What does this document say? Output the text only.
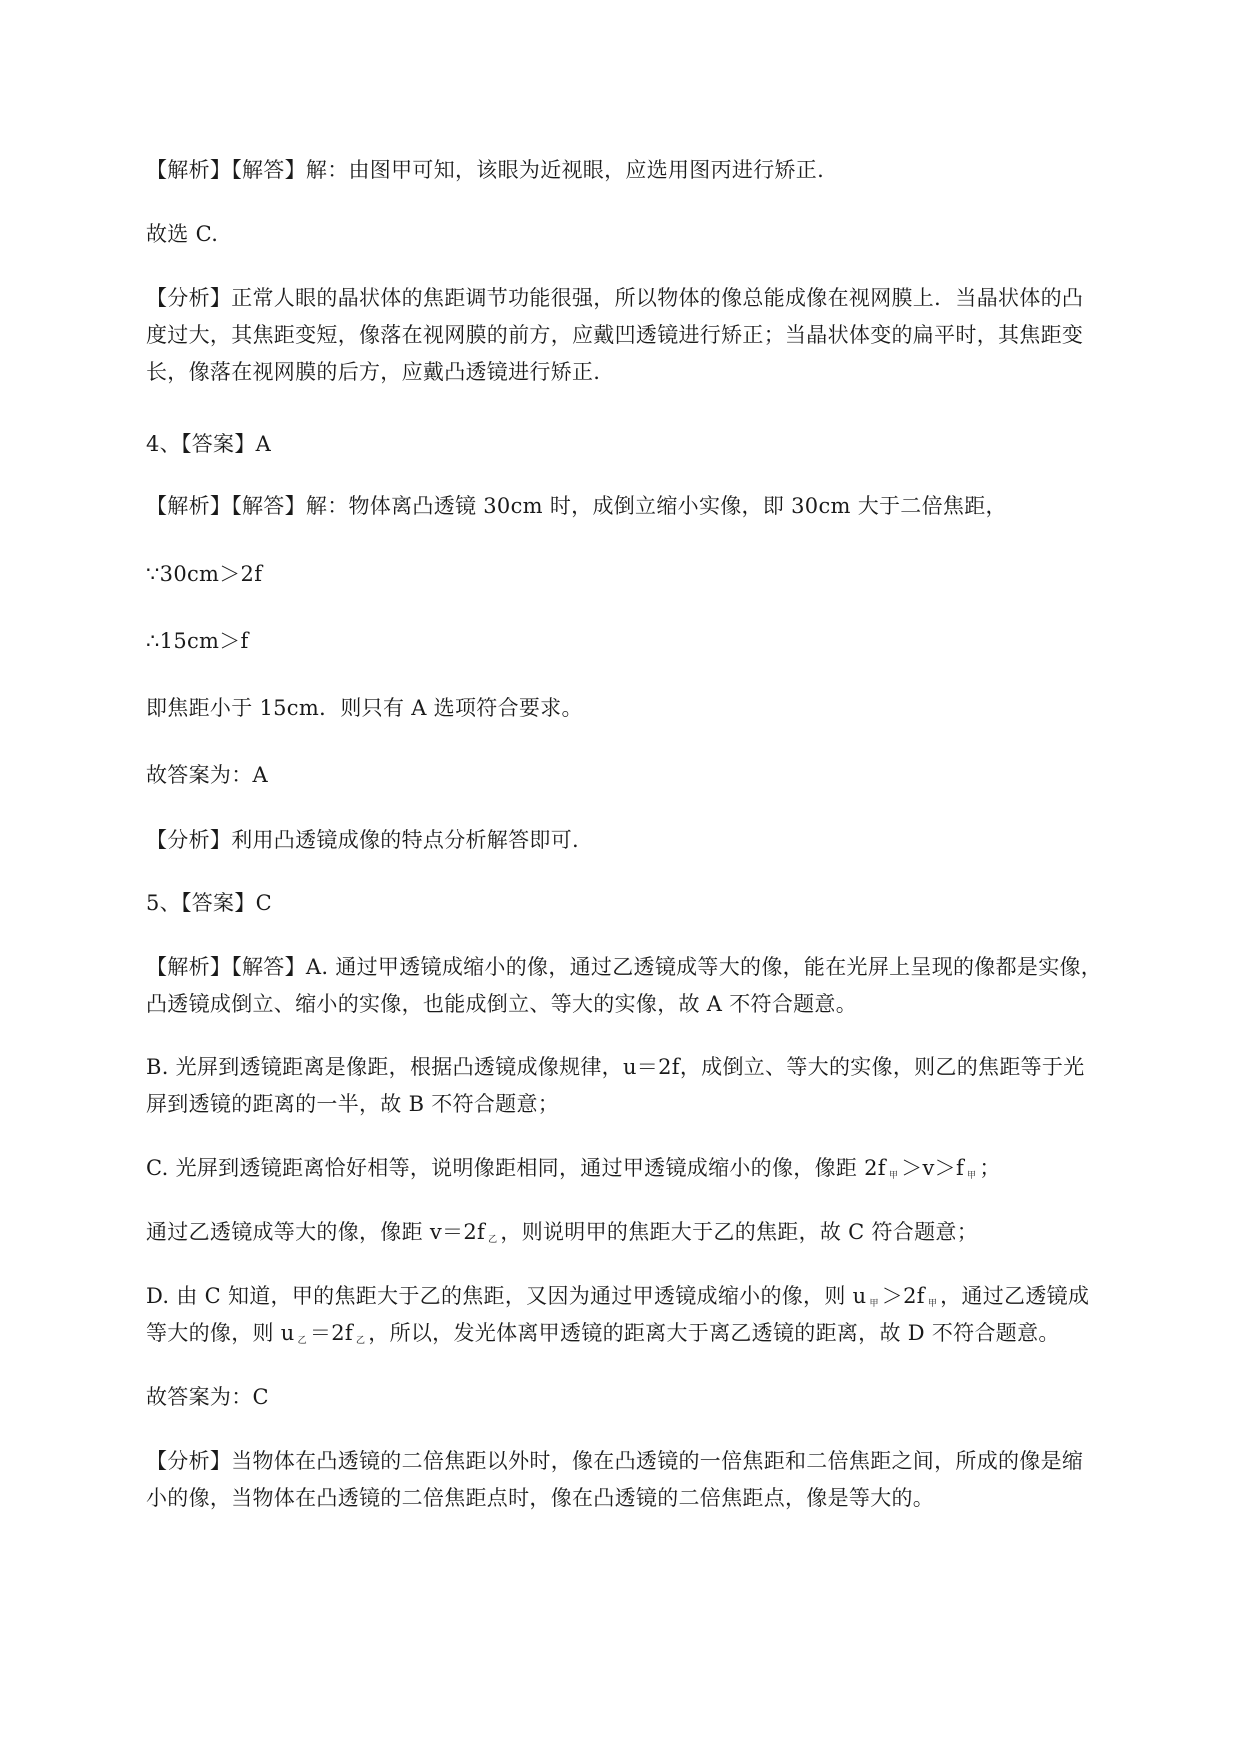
【解析】【解答】解：由图甲可知，该眼为近视眼，应选用图丙进行矫正.
故选 C.
【分析】正常人眼的晶状体的焦距调节功能很强，所以物体的像总能成像在视网膜上．当晶状体的凸
度过大，其焦距变短，像落在视网膜的前方，应戴凹透镜进行矫正；当晶状体变的扁平时，其焦距变
长，像落在视网膜的后方，应戴凸透镜进行矫正.
4、【答案】A
【解析】【解答】解：物体离凸透镜 30cm 时，成倒立缩小实像，即 30cm 大于二倍焦距，
∵30cm＞2f
∴15cm＞f
即焦距小于 15cm．则只有 A 选项符合要求。
故答案为：A
【分析】利用凸透镜成像的特点分析解答即可.
5、【答案】C
【解析】【解答】A. 通过甲透镜成缩小的像，通过乙透镜成等大的像，能在光屏上呈现的像都是实像，
凸透镜成倒立、缩小的实像，也能成倒立、等大的实像，故 A 不符合题意。
B. 光屏到透镜距离是像距，根据凸透镜成像规律，u＝2f，成倒立、等大的实像，则乙的焦距等于光
屏到透镜的距离的一半，故 B 不符合题意；
C. 光屏到透镜距离恰好相等，说明像距相同，通过甲透镜成缩小的像，像距 2f $_甲$ ＞v＞f $_甲$ ；
通过乙透镜成等大的像，像距 v＝2f $_乙$ ，则说明甲的焦距大于乙的焦距，故 C 符合题意；
D. 由 C 知道，甲的焦距大于乙的焦距，又因为通过甲透镜成缩小的像，则 u $_甲$ ＞2f $_甲$ ，通过乙透镜成
等大的像，则 u $_乙$ ＝2f $_乙$ ，所以，发光体离甲透镜的距离大于离乙透镜的距离，故 D 不符合题意。
故答案为：C
【分析】当物体在凸透镜的二倍焦距以外时，像在凸透镜的一倍焦距和二倍焦距之间，所成的像是缩
小的像，当物体在凸透镜的二倍焦距点时，像在凸透镜的二倍焦距点，像是等大的。
